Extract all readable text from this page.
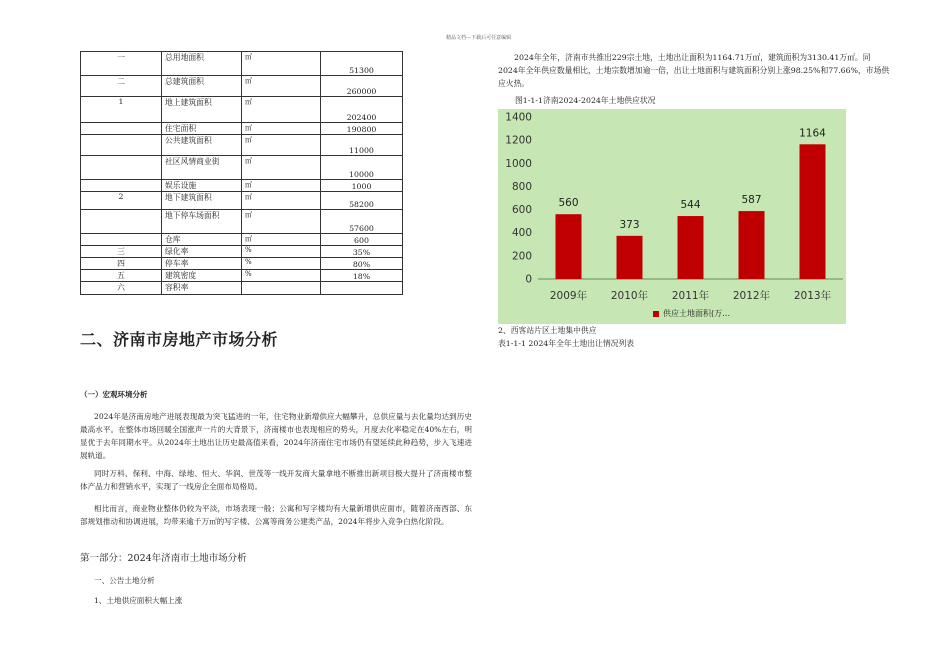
精品文档---下载后可任意编辑
一	总用地面积	㎡	51300
二	总建筑面积	㎡	260000
1	地上建筑面积	㎡	202400
	住宅面积	㎡	190800
	公共建筑面积	㎡	11000
	社区风情商业街	㎡	10000
	娱乐设施	㎡	1000
2	地下建筑面积	㎡	58200
	地下停车场面积	㎡	57600
	仓库	㎡	600
三	绿化率	%	35%
四	停车率	%	80%
五	建筑密度	%	18%
六	容积率		
二、济南市房地产市场分析
（一）宏观环境分析

2024年是济南房地产进展表现最为突飞猛进的一年，住宅物业新增供应大幅攀升，总供应量与去化量均达到历史最高水平。在整体市场回暖全国涨声一片的大背景下，济南楼市也表现相应的势头，月度去化率稳定在40%左右，明显优于去年同期水平。从2024年土地出让历史最高值来看，2024年济南住宅市场仍有望延续此种趋势，步入飞速进展轨道。

同时万科、保利、中海、绿地、恒大、华润、世茂等一线开发商大量拿地不断推出新项目极大提升了济南楼市整体产品力和营销水平，实现了一线房企全面布局格局。

相比而言，商业物业整体仍较为平淡，市场表现一般；公寓和写字楼均有大量新增供应面市，随着济南西部、东部规划推动和协调进展，均带来逾千万㎡的写字楼、公寓等商务公建类产品，2024年将步入竞争白热化阶段。

第一部分：2024年济南市土地市场分析
一、公告土地分析
1、土地供应面积大幅上涨

2024年全年，济南市共推出229宗土地，土地出让面积为1164.71万㎡，建筑面积为3130.41万㎡。同2024年全年供应数量相比，土地宗数增加逾一倍，出让土地面积与建筑面积分别上涨98.25%和77.66%，市场供应火热。

图1-1-1济南2024-2024年土地供应状况
0
200
400
600
800
1000
1200
1400
560
2009年
373
2010年
544
2011年
587
2012年
1164
2013年
供应土地面积(万…
2、西客站片区土地集中供应
表1-1-1 2024年全年土地出让情况列表
